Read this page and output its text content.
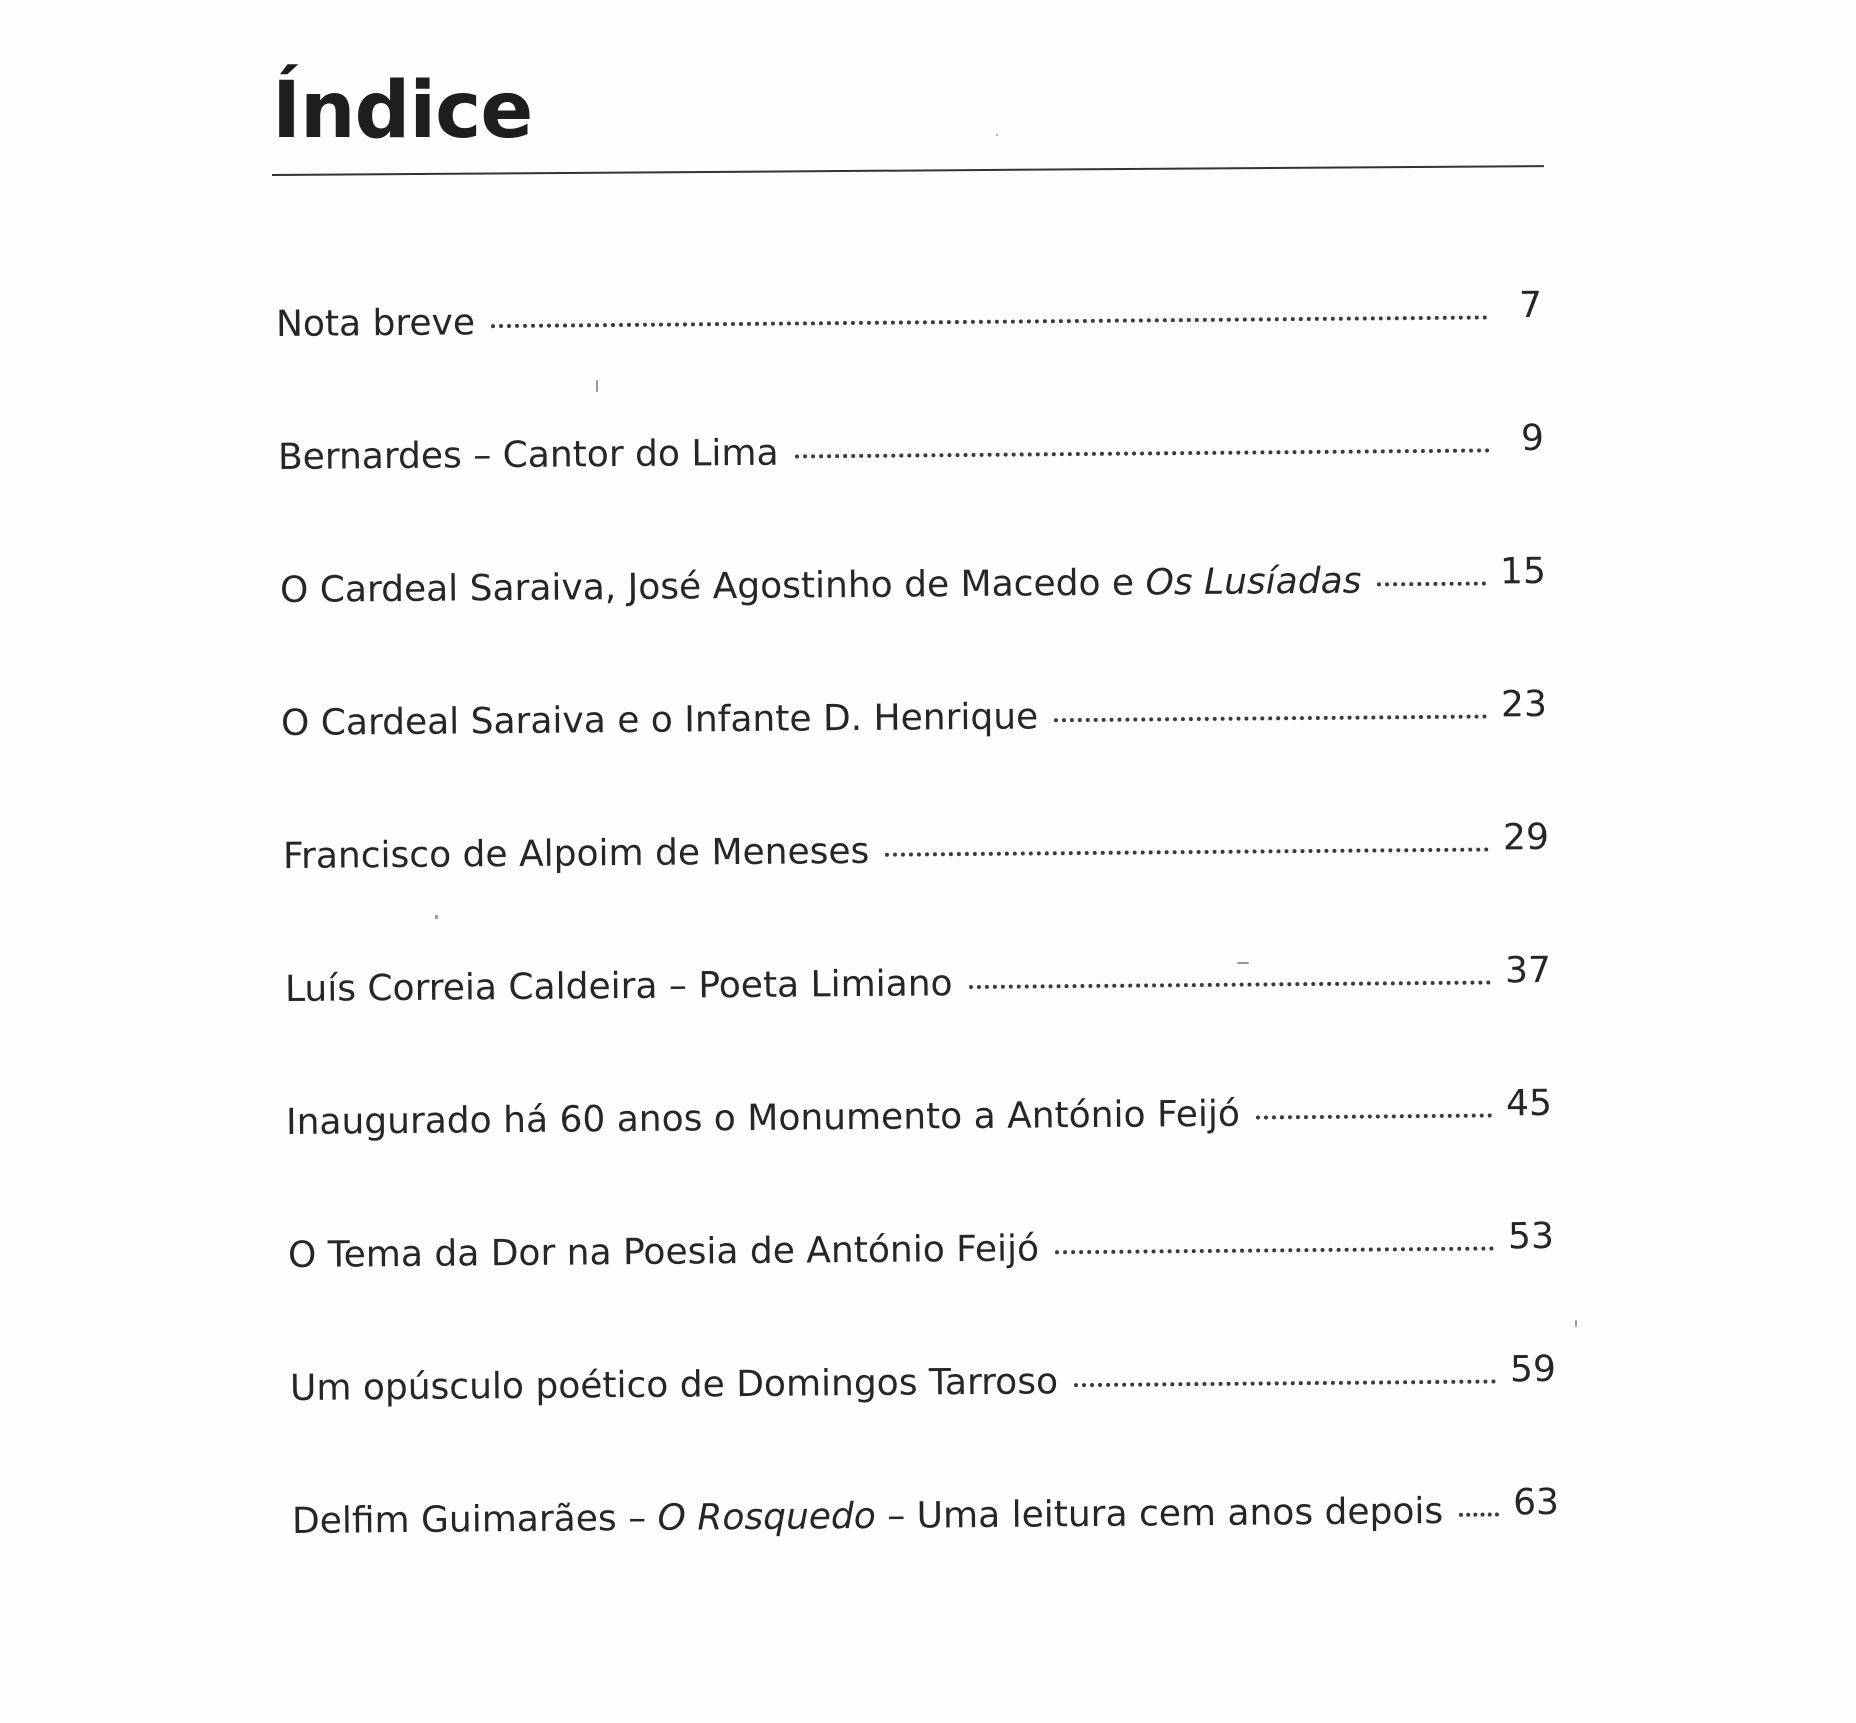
Índice
Nota breve	7
Bernardes – Cantor do Lima	9
O Cardeal Saraiva, José Agostinho de Macedo e Os Lusíadas	15
O Cardeal Saraiva e o Infante D. Henrique	23
Francisco de Alpoim de Meneses	29
Luís Correia Caldeira – Poeta Limiano	37
Inaugurado há 60 anos o Monumento a António Feijó	45
O Tema da Dor na Poesia de António Feijó	53
Um opúsculo poético de Domingos Tarroso	59
Delfim Guimarães – O Rosquedo – Uma leitura cem anos depois 63
